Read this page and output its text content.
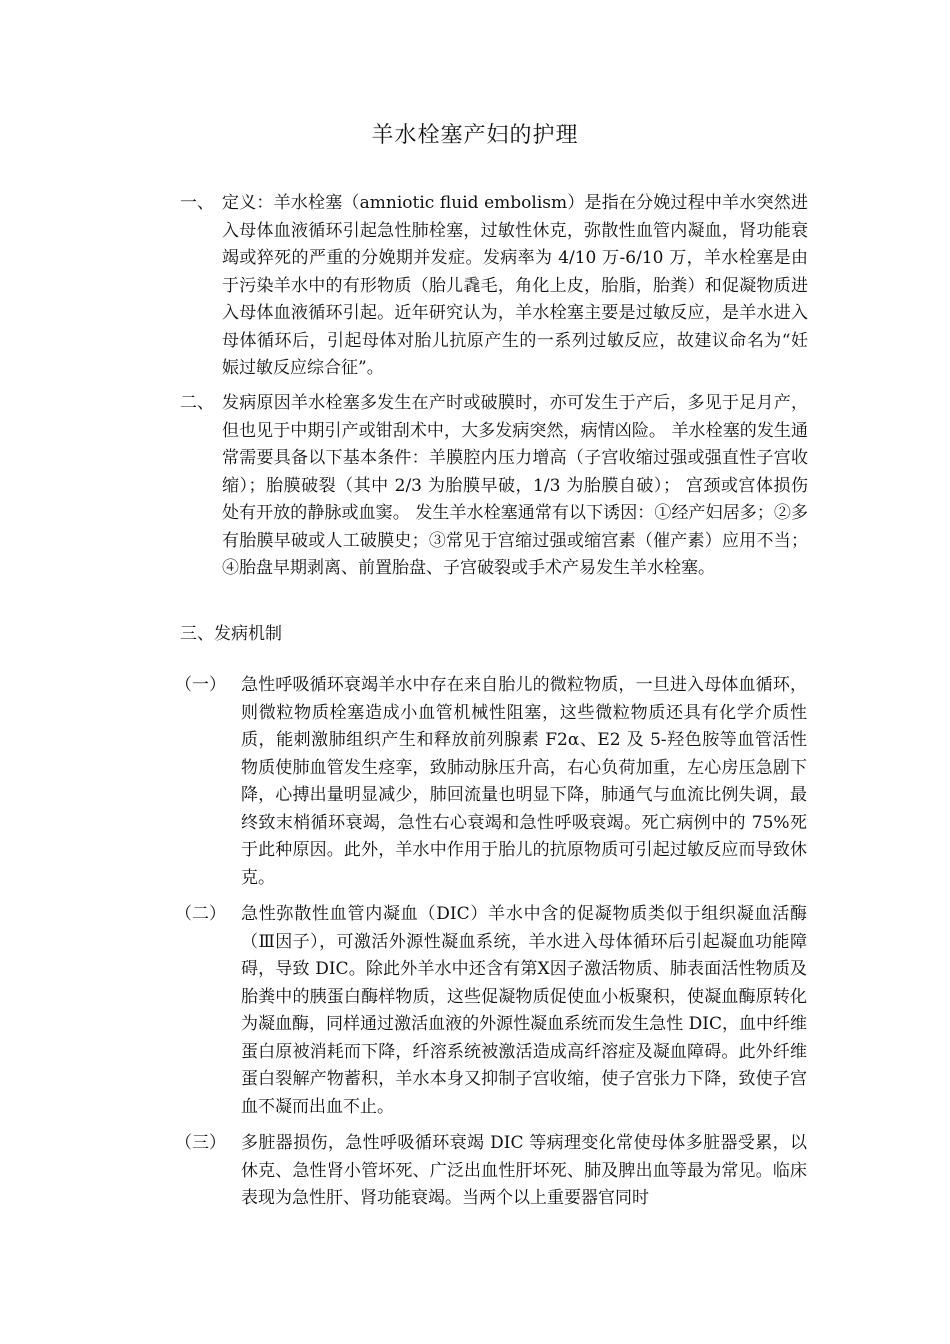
羊水栓塞产妇的护理
一、 定义：羊水栓塞（amniotic fluid embolism）是指在分娩过程中羊水突然进入母体血液循环引起急性肺栓塞，过敏性休克，弥散性血管内凝血，肾功能衰竭或猝死的严重的分娩期并发症。发病率为 4/10 万-6/10 万，羊水栓塞是由于污染羊水中的有形物质（胎儿毳毛，角化上皮，胎脂，胎粪）和促凝物质进入母体血液循环引起。近年研究认为，羊水栓塞主要是过敏反应，是羊水进入母体循环后，引起母体对胎儿抗原产生的一系列过敏反应，故建议命名为“妊娠过敏反应综合征”。
二、 发病原因羊水栓塞多发生在产时或破膜时，亦可发生于产后，多见于足月产，但也见于中期引产或钳刮术中，大多发病突然，病情凶险。 羊水栓塞的发生通常需要具备以下基本条件：羊膜腔内压力增高（子宫收缩过强或强直性子宫收缩）；胎膜破裂（其中 2/3 为胎膜早破，1/3 为胎膜自破）； 宫颈或宫体损伤处有开放的静脉或血窦。 发生羊水栓塞通常有以下诱因：①经产妇居多；②多有胎膜早破或人工破膜史；③常见于宫缩过强或缩宫素（催产素）应用不当；④胎盘早期剥离、前置胎盘、子宫破裂或手术产易发生羊水栓塞。
三、发病机制
（一） 急性呼吸循环衰竭羊水中存在来自胎儿的微粒物质，一旦进入母体血循环，则微粒物质栓塞造成小血管机械性阻塞，这些微粒物质还具有化学介质性质，能刺激肺组织产生和释放前列腺素 F2α、E2 及 5-羟色胺等血管活性物质使肺血管发生痉挛，致肺动脉压升高，右心负荷加重，左心房压急剧下降，心搏出量明显减少，肺回流量也明显下降，肺通气与血流比例失调，最终致末梢循环衰竭，急性右心衰竭和急性呼吸衰竭。死亡病例中的 75%死于此种原因。此外，羊水中作用于胎儿的抗原物质可引起过敏反应而导致休克。
（二） 急性弥散性血管内凝血（DIC）羊水中含的促凝物质类似于组织凝血活酶（Ⅲ因子），可激活外源性凝血系统，羊水进入母体循环后引起凝血功能障碍，导致 DIC。除此外羊水中还含有第Ⅹ因子激活物质、肺表面活性物质及胎粪中的胰蛋白酶样物质，这些促凝物质促使血小板聚积，使凝血酶原转化为凝血酶，同样通过激活血液的外源性凝血系统而发生急性 DIC，血中纤维蛋白原被消耗而下降，纤溶系统被激活造成高纤溶症及凝血障碍。此外纤维蛋白裂解产物蓄积，羊水本身又抑制子宫收缩，使子宫张力下降，致使子宫血不凝而出血不止。
（三） 多脏器损伤，急性呼吸循环衰竭 DIC 等病理变化常使母体多脏器受累，以休克、急性肾小管坏死、广泛出血性肝坏死、肺及脾出血等最为常见。临床表现为急性肝、肾功能衰竭。当两个以上重要器官同时
